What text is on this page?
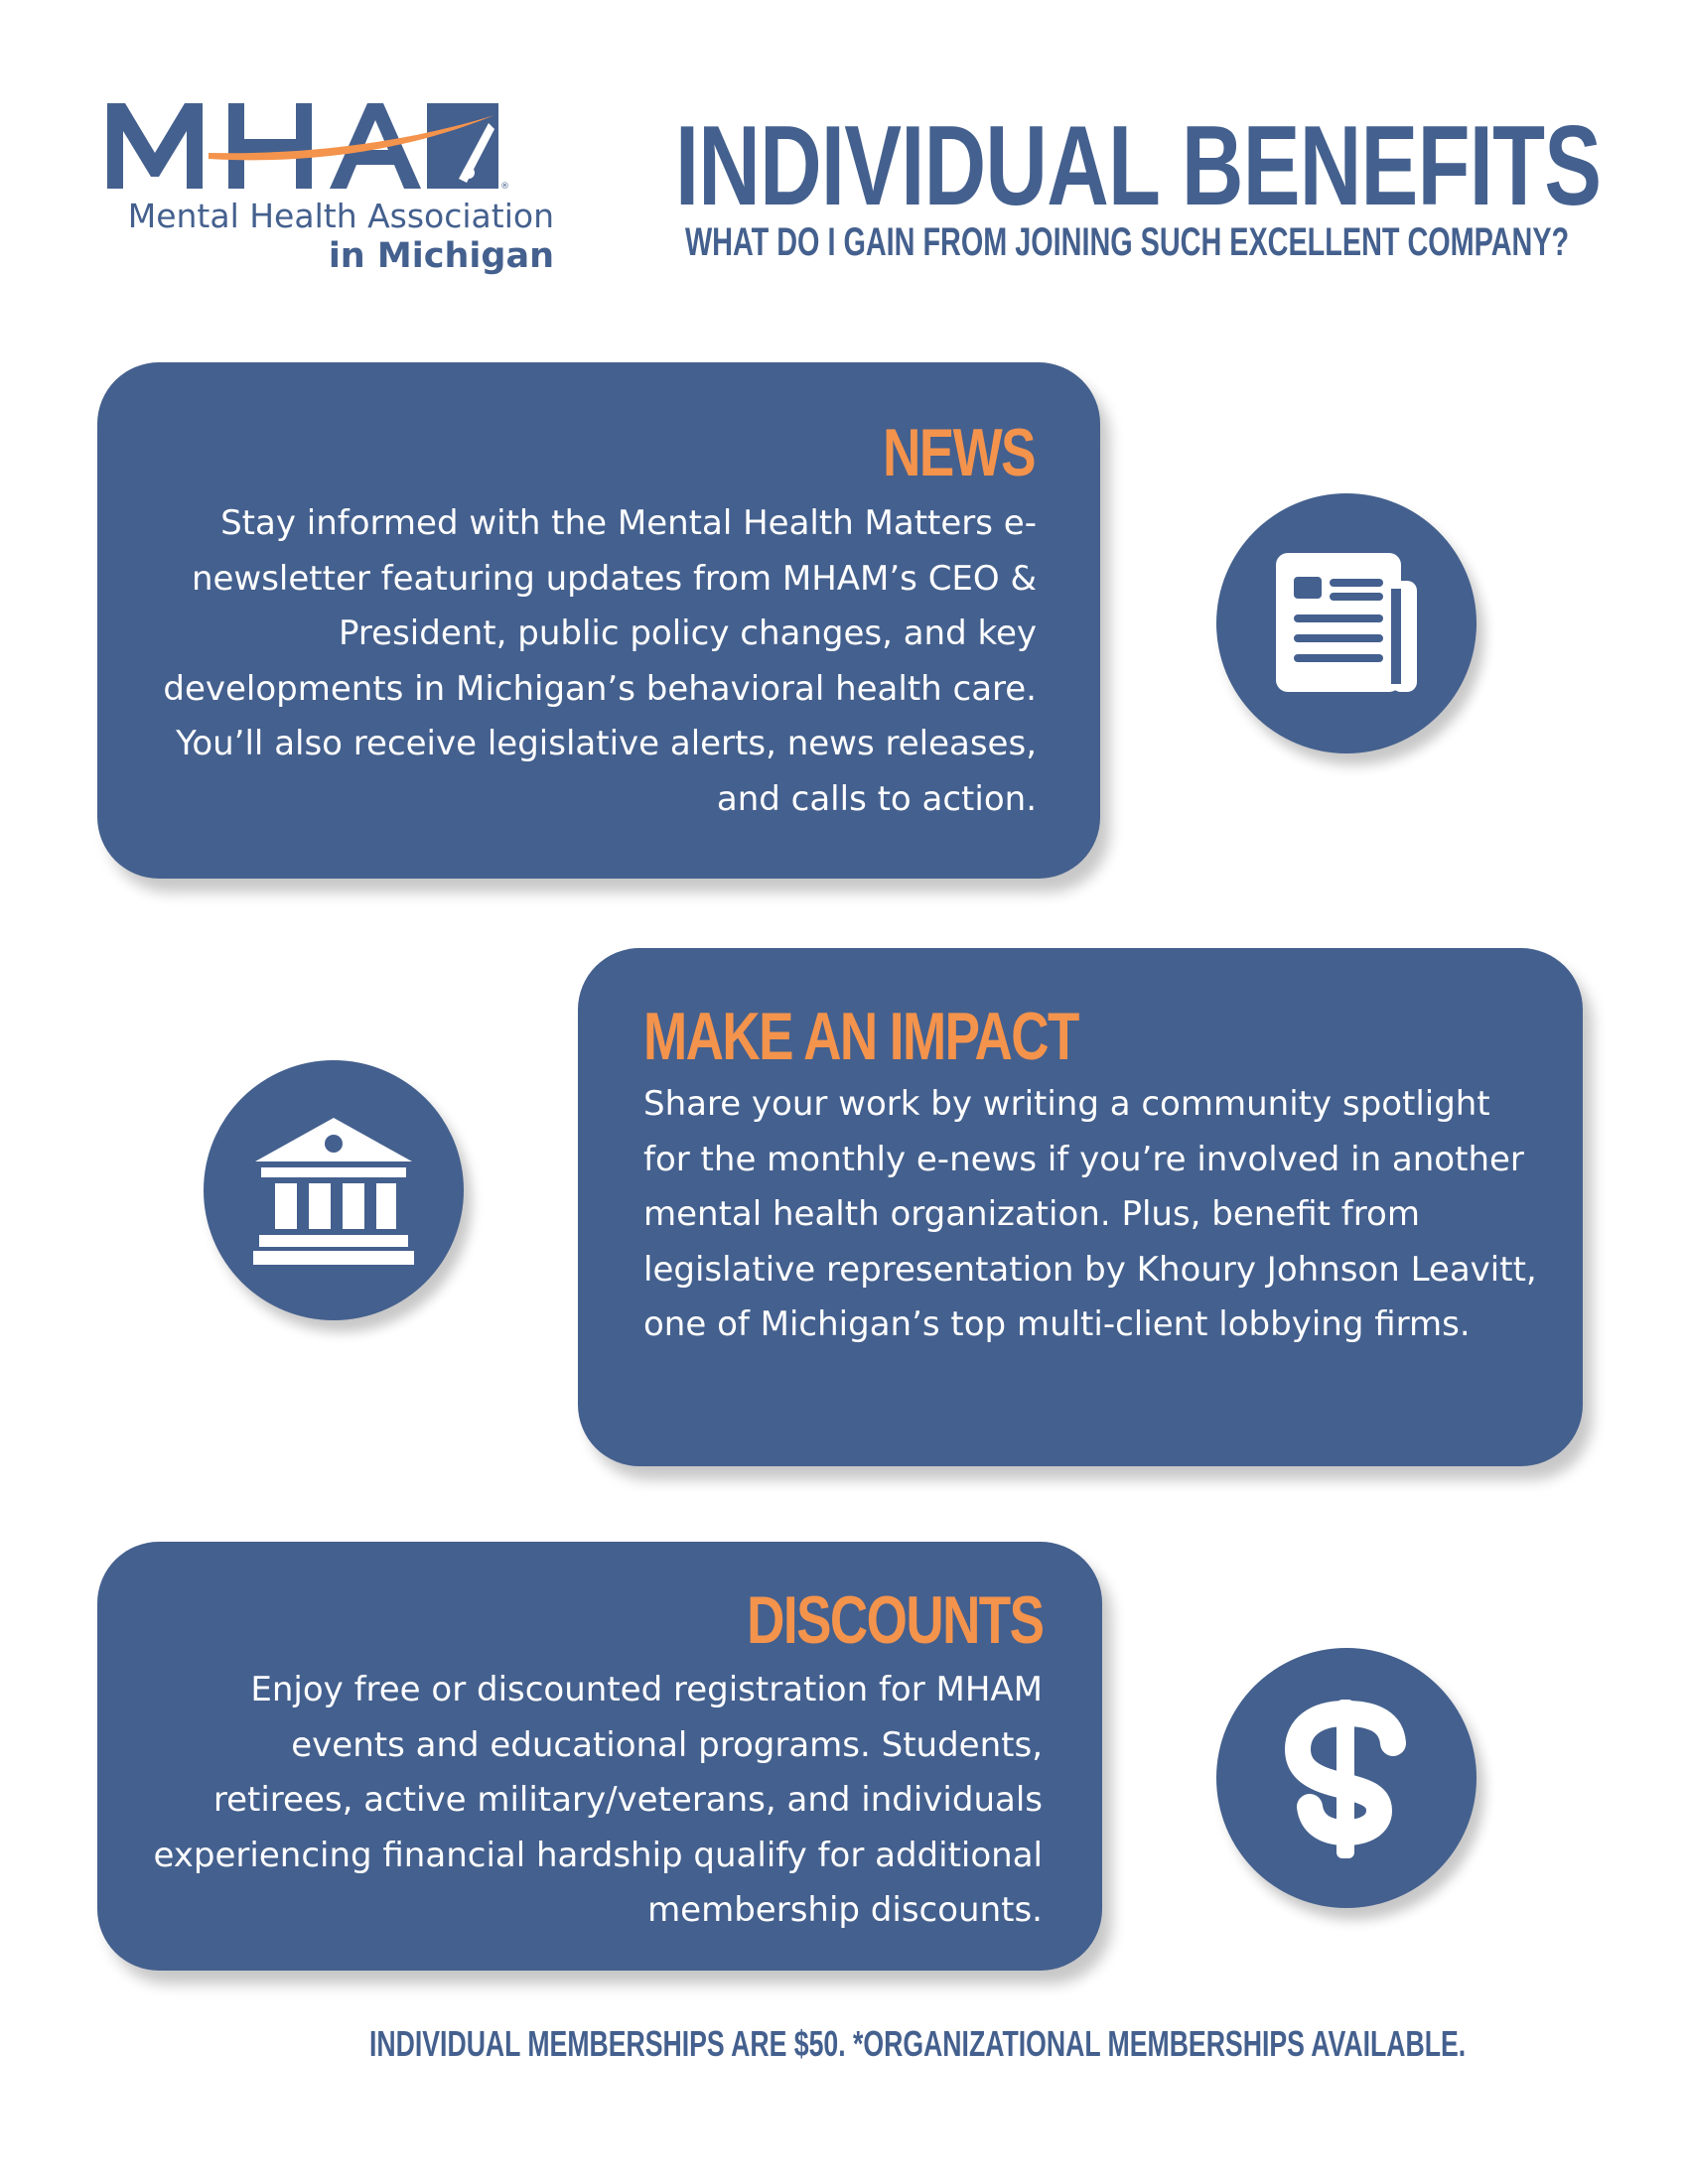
®
Mental Health Association
in Michigan
INDIVIDUAL BENEFITS
WHAT DO I GAIN FROM JOINING SUCH EXCELLENT COMPANY?
NEWS
Stay informed with the Mental Health Matters e-newsletter featuring updates from MHAM’s CEO & President, public policy changes, and key developments in Michigan’s behavioral health care. You’ll also receive legislative alerts, news releases, and calls to action.
MAKE AN IMPACT
Share your work by writing a community spotlight for the monthly e-news if you’re involved in another mental health organization. Plus, benefit from legislative representation by Khoury Johnson Leavitt, one of Michigan’s top multi-client lobbying firms.
DISCOUNTS
Enjoy free or discounted registration for MHAM events and educational programs. Students, retirees, active military/veterans, and individuals experiencing financial hardship qualify for additional membership discounts.
INDIVIDUAL MEMBERSHIPS ARE $50. *ORGANIZATIONAL MEMBERSHIPS AVAILABLE.
